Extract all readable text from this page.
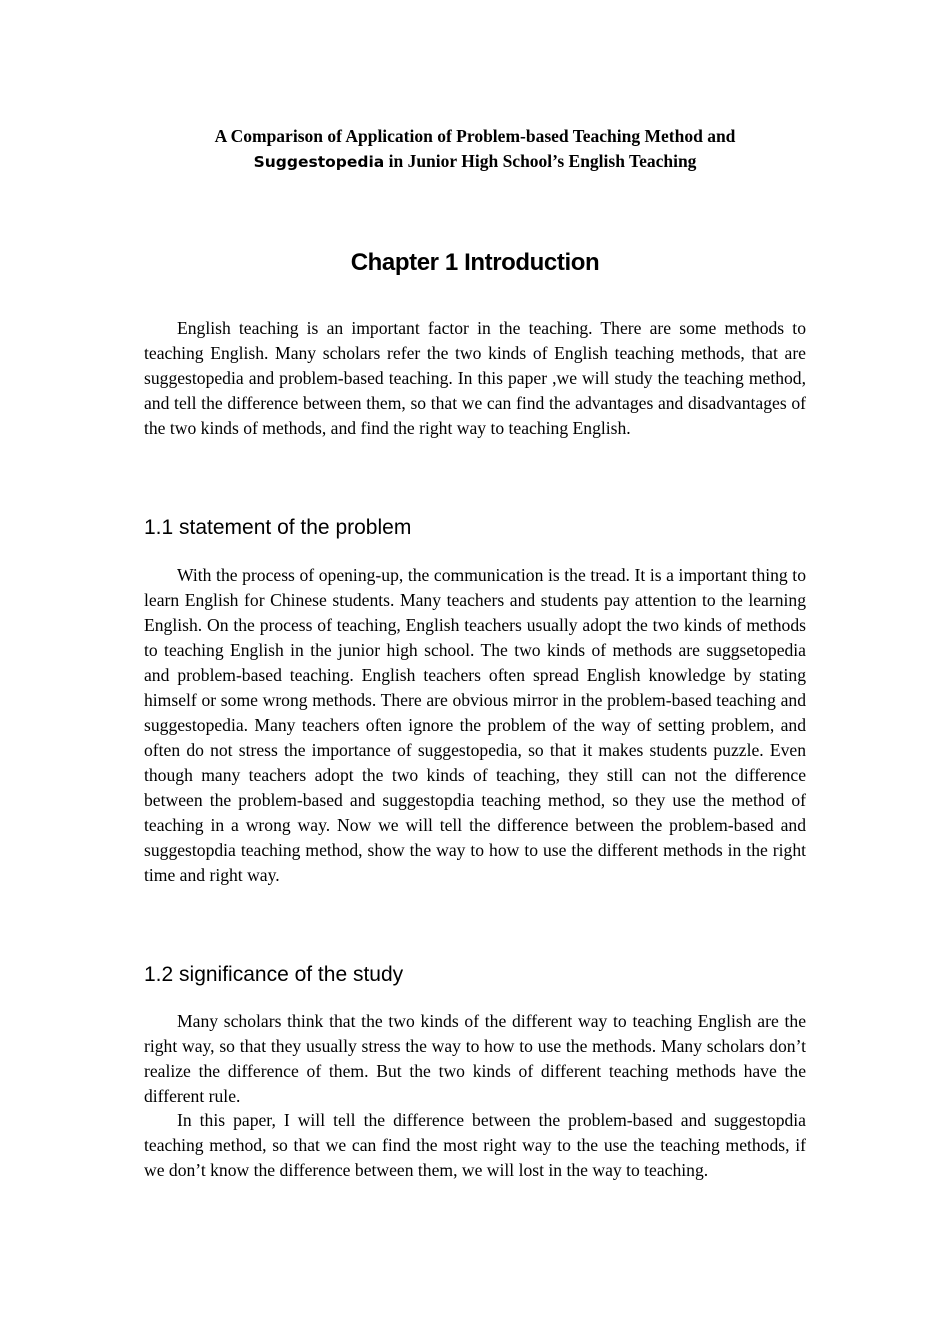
A Comparison of Application of Problem-based Teaching Method and
Suggestopedia in Junior High School’s English Teaching
Chapter 1 Introduction

English teaching is an important factor in the teaching. There are some methods to teaching English. Many scholars refer the two kinds of English teaching methods, that are suggestopedia and problem-based teaching. In this paper ,we will study the teaching method, and tell the difference between them, so that we can find the advantages and disadvantages of the two kinds of methods, and find the right way to teaching English.

1.1 statement of the problem

With the process of opening-up, the communication is the tread. It is a important thing to learn English for Chinese students. Many teachers and students pay attention to the learning English. On the process of teaching, English teachers usually adopt the two kinds of methods to teaching English in the junior high school. The two kinds of methods are suggsetopedia and problem-based teaching. English teachers often spread English knowledge by stating himself or some wrong methods. There are obvious mirror in the problem-based teaching and suggestopedia. Many teachers often ignore the problem of the way of setting problem, and often do not stress the importance of suggestopedia, so that it makes students puzzle. Even though many teachers adopt the two kinds of teaching, they still can not the difference between the problem-based and suggestopdia teaching method, so they use the method of teaching in a wrong way. Now we will tell the difference between the problem-based and suggestopdia teaching method, show the way to how to use the different methods in the right time and right way.

1.2 significance of the study

Many scholars think that the two kinds of the different way to teaching English are the right way, so that they usually stress the way to how to use the methods. Many scholars don’t realize the difference of them. But the two kinds of different teaching methods have the different rule.

In this paper, I will tell the difference between the problem-based and suggestopdia teaching method, so that we can find the most right way to the use the teaching methods, if we don’t know the difference between them, we will lost in the way to teaching.
